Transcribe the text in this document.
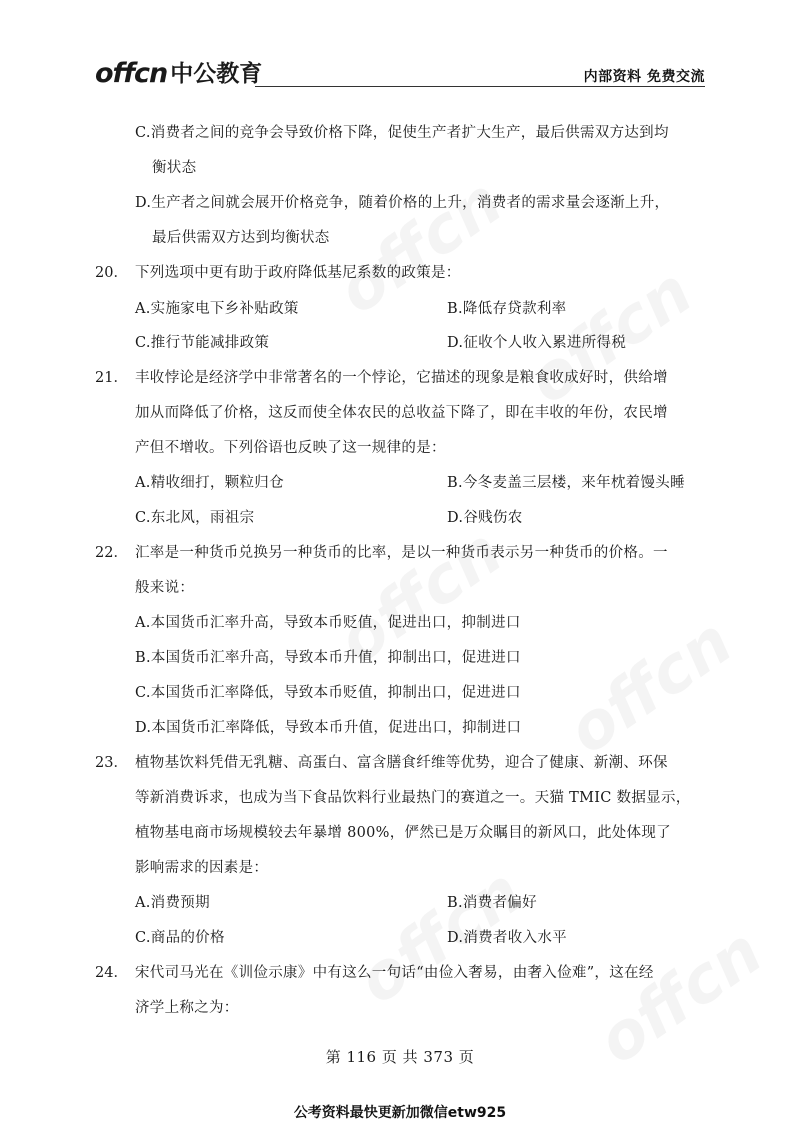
offcn 中公教育	内部资料 免费交流
C.消费者之间的竞争会导致价格下降，促使生产者扩大生产，最后供需双方达到均
衡状态
D.生产者之间就会展开价格竞争，随着价格的上升，消费者的需求量会逐渐上升，
最后供需双方达到均衡状态
20． 下列选项中更有助于政府降低基尼系数的政策是：
A.实施家电下乡补贴政策	B.降低存贷款利率
C.推行节能减排政策	D.征收个人收入累进所得税
21． 丰收悖论是经济学中非常著名的一个悖论，它描述的现象是粮食收成好时，供给增
加从而降低了价格，这反而使全体农民的总收益下降了，即在丰收的年份，农民增
产但不增收。下列俗语也反映了这一规律的是：
A.精收细打，颗粒归仓	B.今冬麦盖三层楼，来年枕着馒头睡
C.东北风，雨祖宗	D.谷贱伤农
22． 汇率是一种货币兑换另一种货币的比率，是以一种货币表示另一种货币的价格。一
般来说：
A.本国货币汇率升高，导致本币贬值，促进出口，抑制进口
B.本国货币汇率升高，导致本币升值，抑制出口，促进进口
C.本国货币汇率降低，导致本币贬值，抑制出口，促进进口
D.本国货币汇率降低，导致本币升值，促进出口，抑制进口
23． 植物基饮料凭借无乳糖、高蛋白、富含膳食纤维等优势，迎合了健康、新潮、环保
等新消费诉求，也成为当下食品饮料行业最热门的赛道之一。天猫 TMIC 数据显示，
植物基电商市场规模较去年暴增 800%，俨然已是万众瞩目的新风口，此处体现了
影响需求的因素是：
A.消费预期	B.消费者偏好
C.商品的价格	D.消费者收入水平
24． 宋代司马光在《训俭示康》中有这么一句话“由俭入奢易，由奢入俭难”，这在经
济学上称之为：
第 116 页 共 373 页
公考资料最快更新加微信etw925
